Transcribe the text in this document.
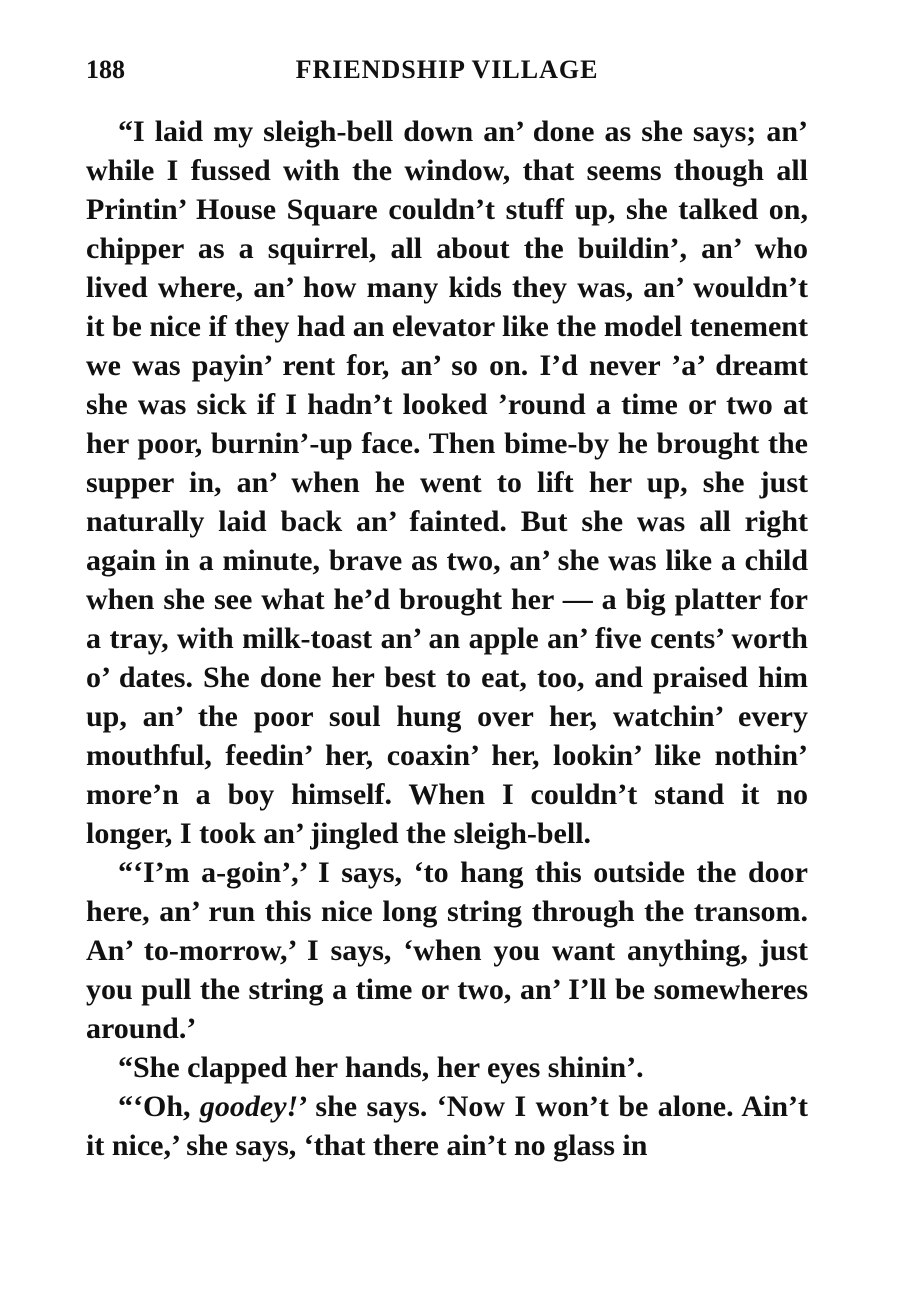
188	FRIENDSHIP VILLAGE

“I laid my sleigh-bell down an’ done as she says; an’ while I fussed with the window, that seems though all Printin’ House Square couldn’t stuff up, she talked on, chipper as a squirrel, all about the buildin’, an’ who lived where, an’ how many kids they was, an’ wouldn’t it be nice if they had an elevator like the model tenement we was payin’ rent for, an’ so on. I’d never ’a’ dreamt she was sick if I hadn’t looked ’round a time or two at her poor, burnin’-up face. Then bime-by he brought the supper in, an’ when he went to lift her up, she just naturally laid back an’ fainted. But she was all right again in a minute, brave as two, an’ she was like a child when she see what he’d brought her — a big platter for a tray, with milk-toast an’ an apple an’ five cents’ worth o’ dates. She done her best to eat, too, and praised him up, an’ the poor soul hung over her, watchin’ every mouthful, feedin’ her, coaxin’ her, lookin’ like nothin’ more’n a boy himself. When I couldn’t stand it no longer, I took an’ jingled the sleigh-bell.

“‘I’m a-goin’,’ I says, ‘to hang this outside the door here, an’ run this nice long string through the transom. An’ to-morrow,’ I says, ‘when you want anything, just you pull the string a time or two, an’ I’ll be somewheres around.’

“She clapped her hands, her eyes shinin’.

“‘Oh, goodey!’ she says. ‘Now I won’t be alone. Ain’t it nice,’ she says, ‘that there ain’t no glass in
